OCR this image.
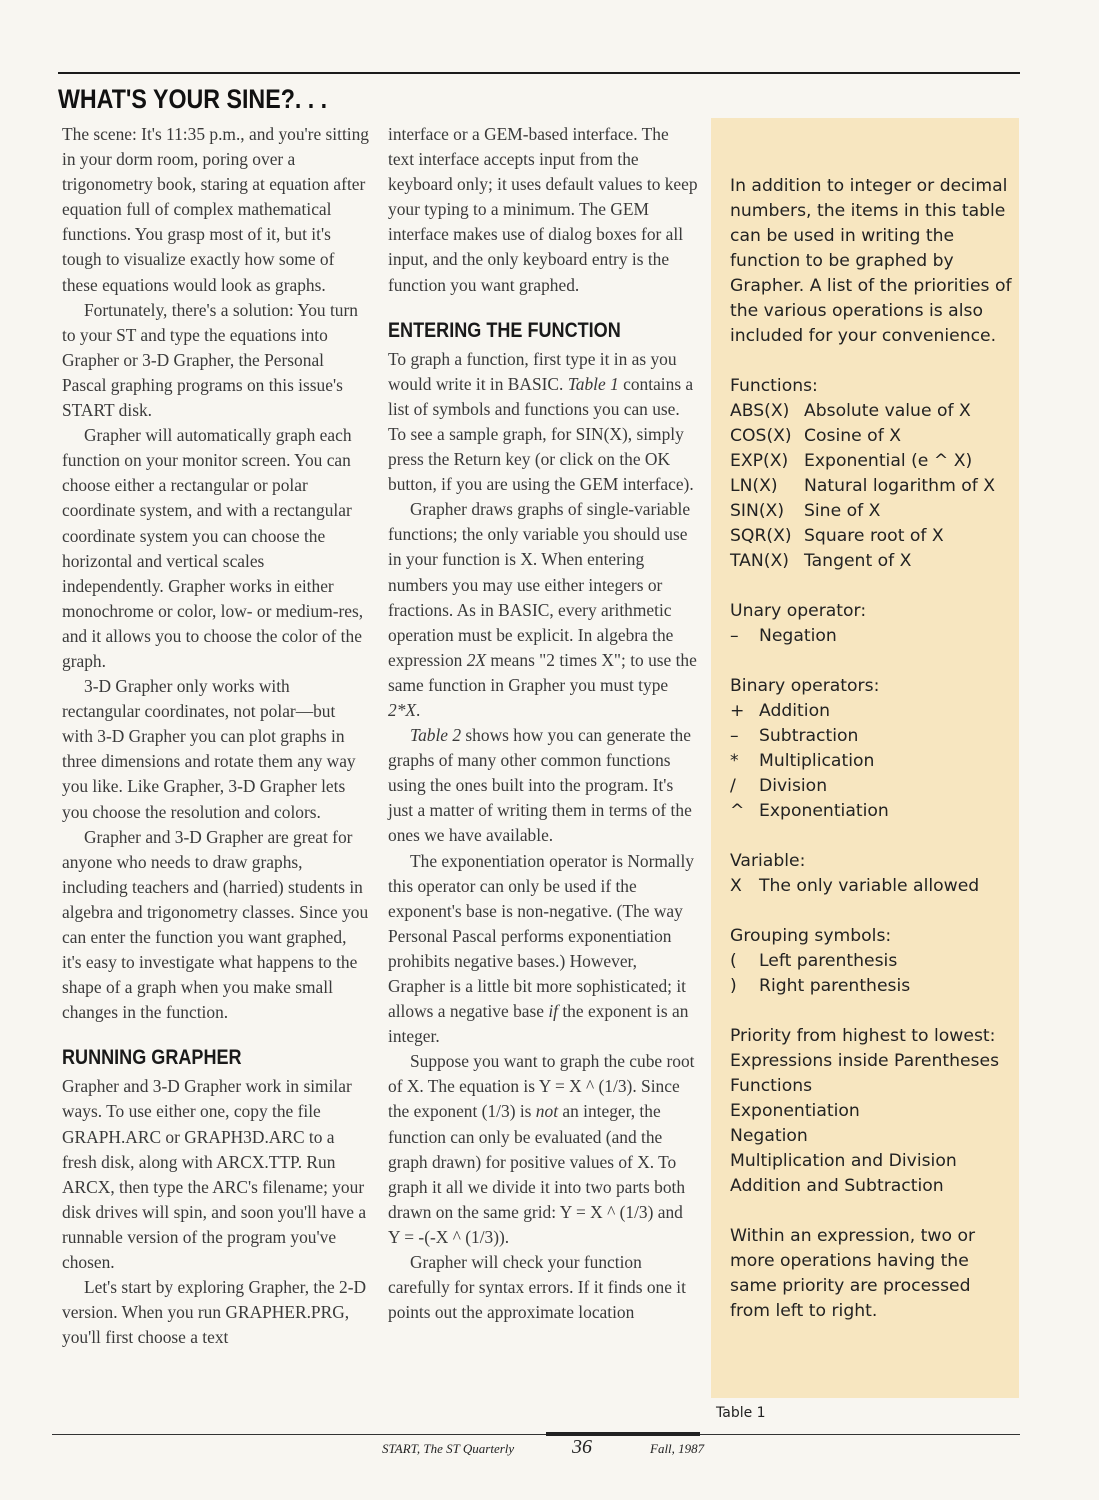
WHAT'S YOUR SINE?. . .

The scene: It's 11:35 p.m., and you're sitting in your dorm room, poring over a trigonometry book, staring at equation after equation full of complex mathematical functions. You grasp most of it, but it's tough to visualize exactly how some of these equations would look as graphs.

Fortunately, there's a solution: You turn to your ST and type the equations into Grapher or 3-D Grapher, the Personal Pascal graphing programs on this issue's START disk.

Grapher will automatically graph each function on your monitor screen. You can choose either a rectangular or polar coordinate system, and with a rectangular coordinate system you can choose the horizontal and vertical scales independently. Grapher works in either monochrome or color, low- or medium-res, and it allows you to choose the color of the graph.

3-D Grapher only works with rectangular coordinates, not polar—but with 3-D Grapher you can plot graphs in three dimensions and rotate them any way you like. Like Grapher, 3-D Grapher lets you choose the resolution and colors.

Grapher and 3-D Grapher are great for anyone who needs to draw graphs, including teachers and (harried) students in algebra and trigonometry classes. Since you can enter the function you want graphed, it's easy to investigate what happens to the shape of a graph when you make small changes in the function.

RUNNING GRAPHER

Grapher and 3-D Grapher work in similar ways. To use either one, copy the file GRAPH.ARC or GRAPH3D.ARC to a fresh disk, along with ARCX.TTP. Run ARCX, then type the ARC's filename; your disk drives will spin, and soon you'll have a runnable version of the program you've chosen.

Let's start by exploring Grapher, the 2-D version. When you run GRAPHER.PRG, you'll first choose a text

interface or a GEM-based interface. The text interface accepts input from the keyboard only; it uses default values to keep your typing to a minimum. The GEM interface makes use of dialog boxes for all input, and the only keyboard entry is the function you want graphed.

ENTERING THE FUNCTION

To graph a function, first type it in as you would write it in BASIC. Table 1 contains a list of symbols and functions you can use. To see a sample graph, for SIN(X), simply press the Return key (or click on the OK button, if you are using the GEM interface).

Grapher draws graphs of single-variable functions; the only variable you should use in your function is X. When entering numbers you may use either integers or fractions. As in BASIC, every arithmetic operation must be explicit. In algebra the expression 2X means "2 times X"; to use the same function in Grapher you must type 2*X.

Table 2 shows how you can generate the graphs of many other common functions using the ones built into the program. It's just a matter of writing them in terms of the ones we have available.

The exponentiation operator is Normally this operator can only be used if the exponent's base is non-negative. (The way Personal Pascal performs exponentiation prohibits negative bases.) However, Grapher is a little bit more sophisticated; it allows a negative base if the exponent is an integer.

Suppose you want to graph the cube root of X. The equation is Y = X ^ (1/3). Since the exponent (1/3) is not an integer, the function can only be evaluated (and the graph drawn) for positive values of X. To graph it all we divide it into two parts both drawn on the same grid: Y = X ^ (1/3) and Y = -(-X ^ (1/3)).

Grapher will check your function carefully for syntax errors. If it finds one it points out the approximate location

In addition to integer or decimal numbers, the items in this table can be used in writing the function to be graphed by Grapher. A list of the priorities of the various operations is also included for your convenience.

Functions:

ABS(X) Absolute value of X
COS(X) Cosine of X
EXP(X) Exponential (e ^ X)
LN(X)	Natural logarithm of X
SIN(X)	Sine of X
SQR(X) Square root of X
TAN(X) Tangent of X

Unary operator:

–	Negation

Binary operators:

+ Addition
–	Subtraction
*	Multiplication
/	Division
^ Exponentiation

Variable:

X	The only variable allowed

Grouping symbols:

(	Left parenthesis
)	Right parenthesis

Priority from highest to lowest:

Expressions inside Parentheses

Functions

Exponentiation

Negation

Multiplication and Division

Addition and Subtraction

Within an expression, two or more operations having the same priority are processed from left to right.

Table 1
START, The ST Quarterly	36	Fall, 1987
